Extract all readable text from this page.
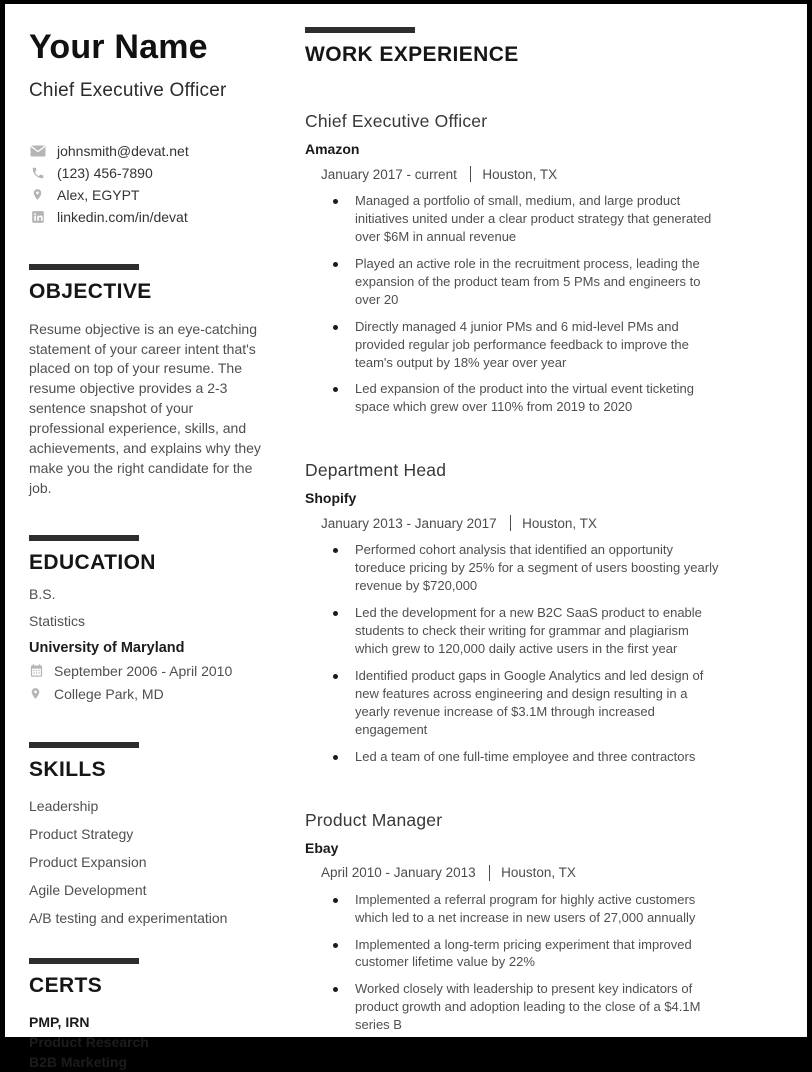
Your Name
Chief Executive Officer
johnsmith@devat.net
(123) 456-7890
Alex, EGYPT
linkedin.com/in/devat
OBJECTIVE

Resume objective is an eye-catching statement of your career intent that's placed on top of your resume. The resume objective provides a 2-3 sentence snapshot of your professional experience, skills, and achievements, and explains why they make you the right candidate for the job.

EDUCATION
B.S.
Statistics
University of Maryland
September 2006 - April 2010
College Park, MD
SKILLS
Leadership
Product Strategy
Product Expansion
Agile Development
A/B testing and experimentation
CERTS
PMP, IRN
Product Research
B2B Marketing
WORK EXPERIENCE
Chief Executive Officer
Amazon
January 2017 - current Houston, TX
Managed a portfolio of small, medium, and large product initiatives united under a clear product strategy that generated over $6M in annual revenue
Played an active role in the recruitment process, leading the expansion of the product team from 5 PMs and engineers to over 20
Directly managed 4 junior PMs and 6 mid-level PMs and provided regular job performance feedback to improve the team's output by 18% year over year
Led expansion of the product into the virtual event ticketing space which grew over 110% from 2019 to 2020
Department Head
Shopify
January 2013 - January 2017 Houston, TX
Performed cohort analysis that identified an opportunity toreduce pricing by 25% for a segment of users boosting yearly revenue by $720,000
Led the development for a new B2C SaaS product to enable students to check their writing for grammar and plagiarism which grew to 120,000 daily active users in the first year
Identified product gaps in Google Analytics and led design of new features across engineering and design resulting in a yearly revenue increase of $3.1M through increased engagement
Led a team of one full-time employee and three contractors
Product Manager
Ebay
April 2010 - January 2013 Houston, TX
Implemented a referral program for highly active customers which led to a net increase in new users of 27,000 annually
Implemented a long-term pricing experiment that improved customer lifetime value by 22%
Worked closely with leadership to present key indicators of product growth and adoption leading to the close of a $4.1M series B
